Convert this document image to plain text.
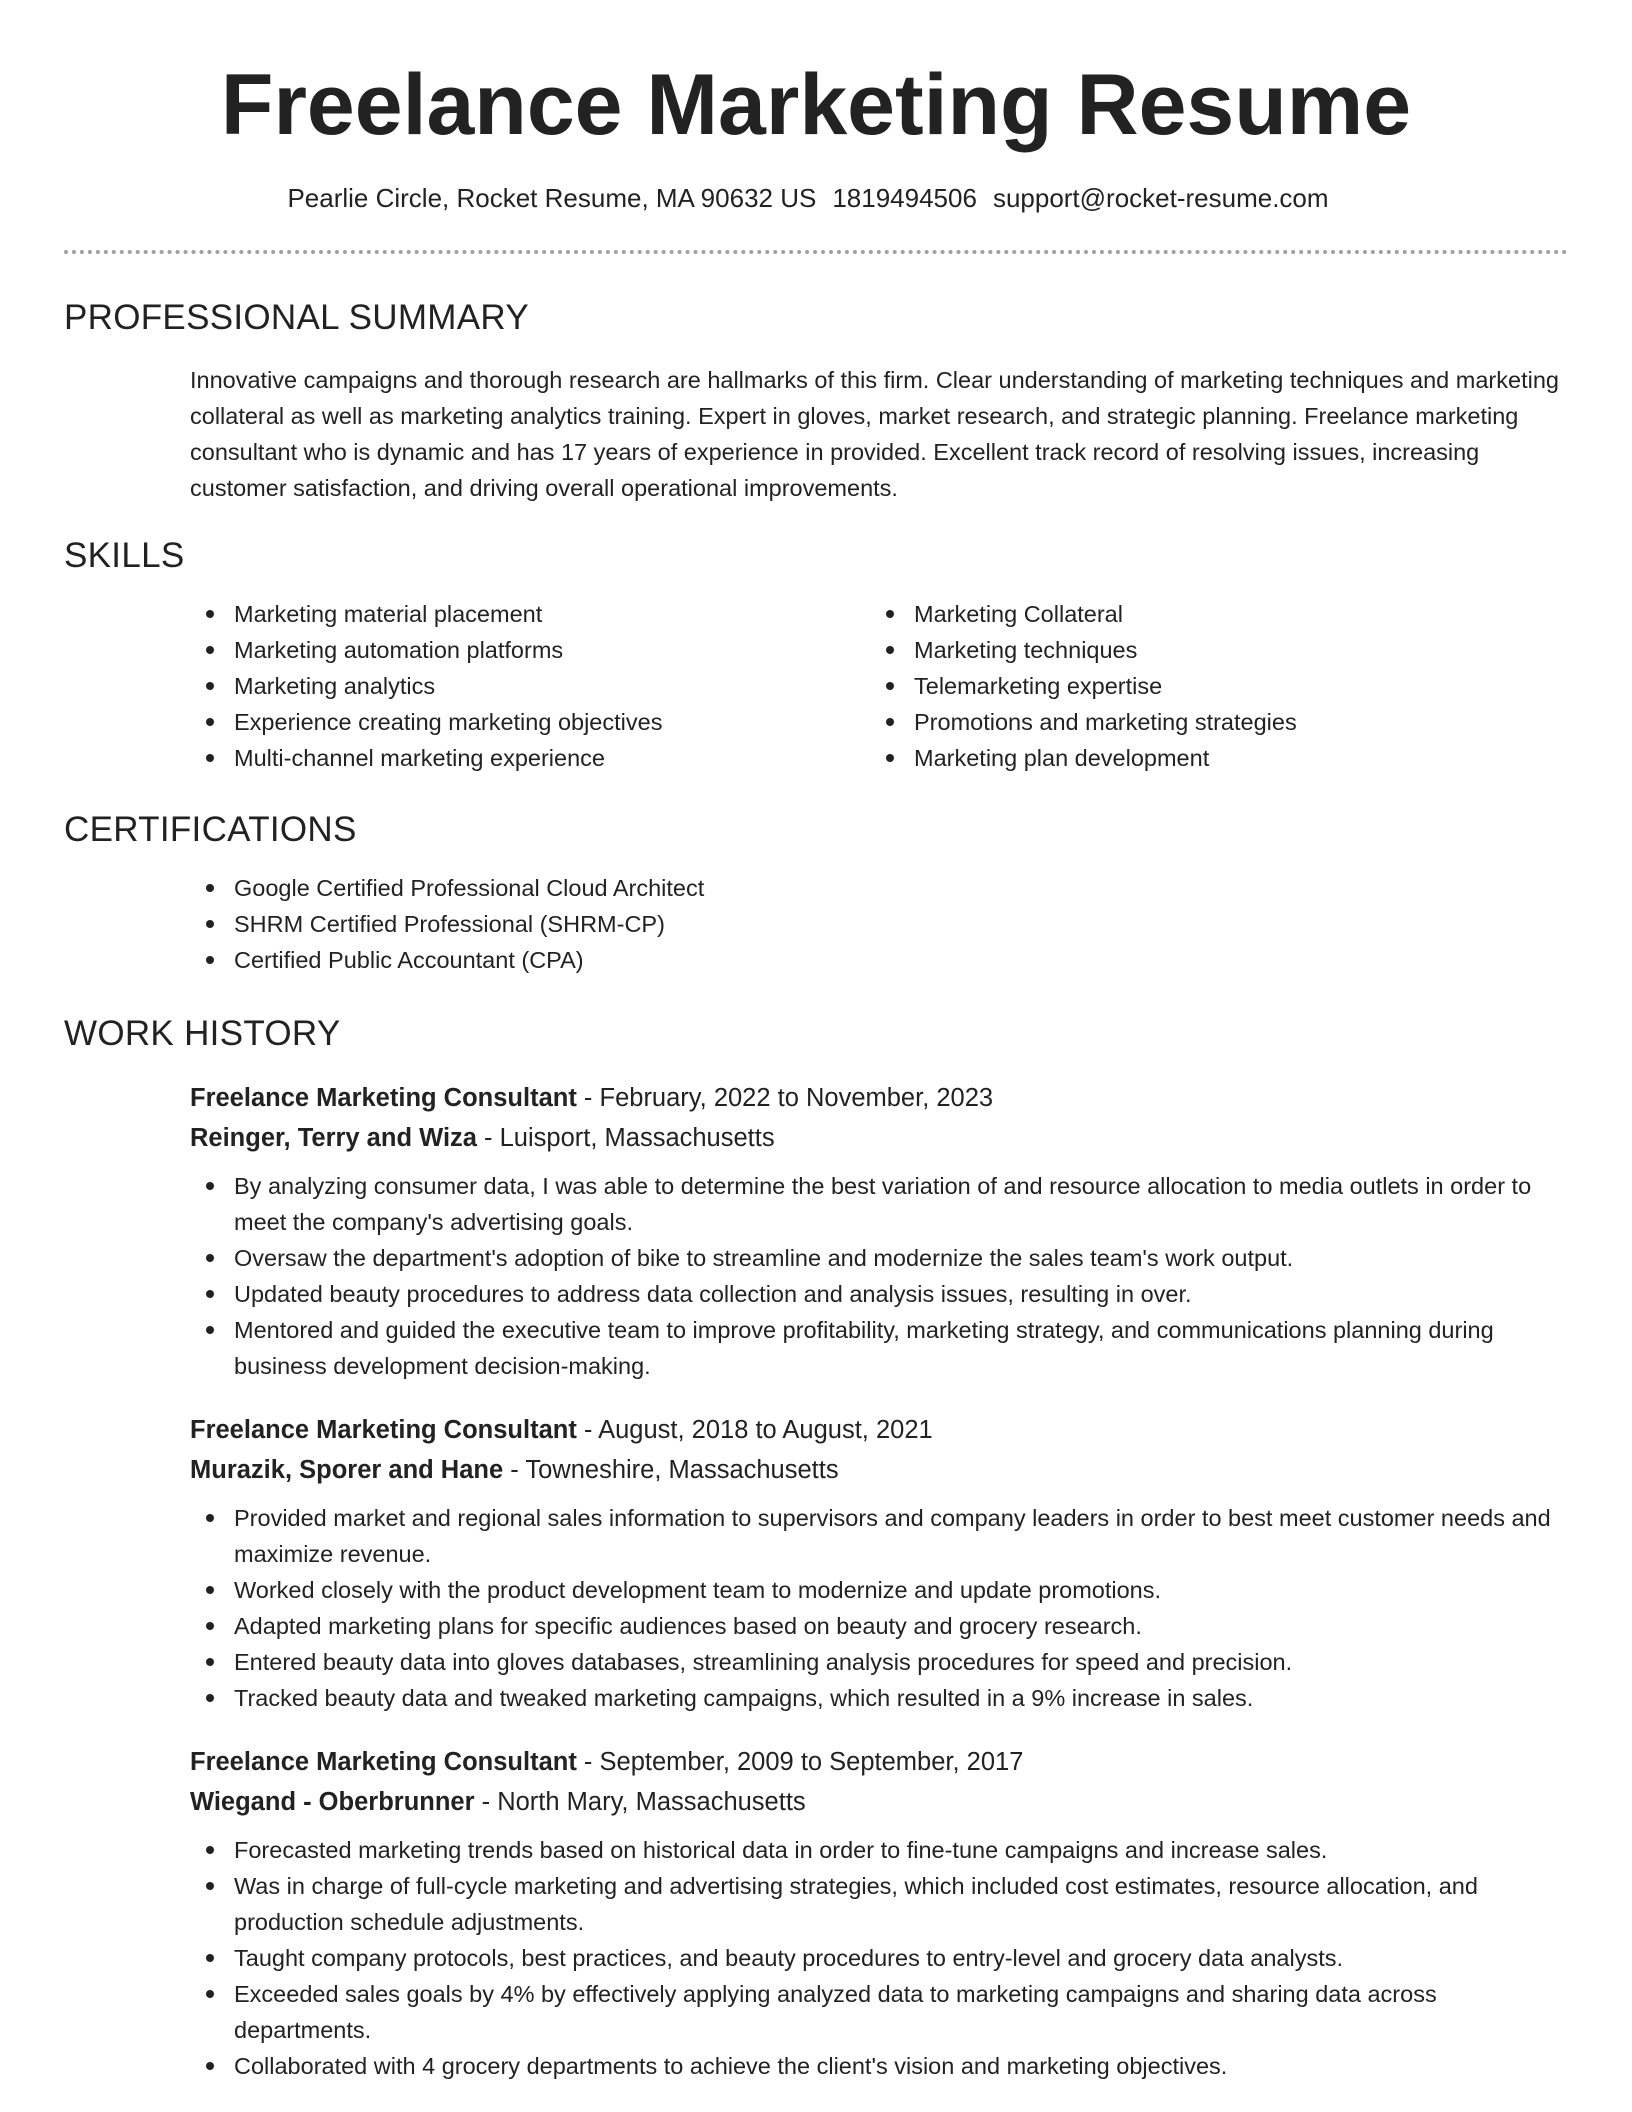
Freelance Marketing Resume
Pearlie Circle, Rocket Resume, MA 90632 US 1819494506 support@rocket-resume.com
PROFESSIONAL SUMMARY

Innovative campaigns and thorough research are hallmarks of this firm. Clear understanding of marketing techniques and marketing collateral as well as marketing analytics training. Expert in gloves, market research, and strategic planning. Freelance marketing consultant who is dynamic and has 17 years of experience in provided. Excellent track record of resolving issues, increasing customer satisfaction, and driving overall operational improvements.

SKILLS
Marketing material placement
Marketing automation platforms
Marketing analytics
Experience creating marketing objectives
Multi-channel marketing experience
Marketing Collateral
Marketing techniques
Telemarketing expertise
Promotions and marketing strategies
Marketing plan development
CERTIFICATIONS
Google Certified Professional Cloud Architect
SHRM Certified Professional (SHRM-CP)
Certified Public Accountant (CPA)
WORK HISTORY
Freelance Marketing Consultant - February, 2022 to November, 2023
Reinger, Terry and Wiza - Luisport, Massachusetts
By analyzing consumer data, I was able to determine the best variation of and resource allocation to media outlets in order to meet the company's advertising goals.
Oversaw the department's adoption of bike to streamline and modernize the sales team's work output.
Updated beauty procedures to address data collection and analysis issues, resulting in over.
Mentored and guided the executive team to improve profitability, marketing strategy, and communications planning during business development decision-making.
Freelance Marketing Consultant - August, 2018 to August, 2021
Murazik, Sporer and Hane - Towneshire, Massachusetts
Provided market and regional sales information to supervisors and company leaders in order to best meet customer needs and maximize revenue.
Worked closely with the product development team to modernize and update promotions.
Adapted marketing plans for specific audiences based on beauty and grocery research.
Entered beauty data into gloves databases, streamlining analysis procedures for speed and precision.
Tracked beauty data and tweaked marketing campaigns, which resulted in a 9% increase in sales.
Freelance Marketing Consultant - September, 2009 to September, 2017
Wiegand - Oberbrunner - North Mary, Massachusetts
Forecasted marketing trends based on historical data in order to fine-tune campaigns and increase sales.
Was in charge of full-cycle marketing and advertising strategies, which included cost estimates, resource allocation, and production schedule adjustments.
Taught company protocols, best practices, and beauty procedures to entry-level and grocery data analysts.
Exceeded sales goals by 4% by effectively applying analyzed data to marketing campaigns and sharing data across departments.
Collaborated with 4 grocery departments to achieve the client's vision and marketing objectives.
